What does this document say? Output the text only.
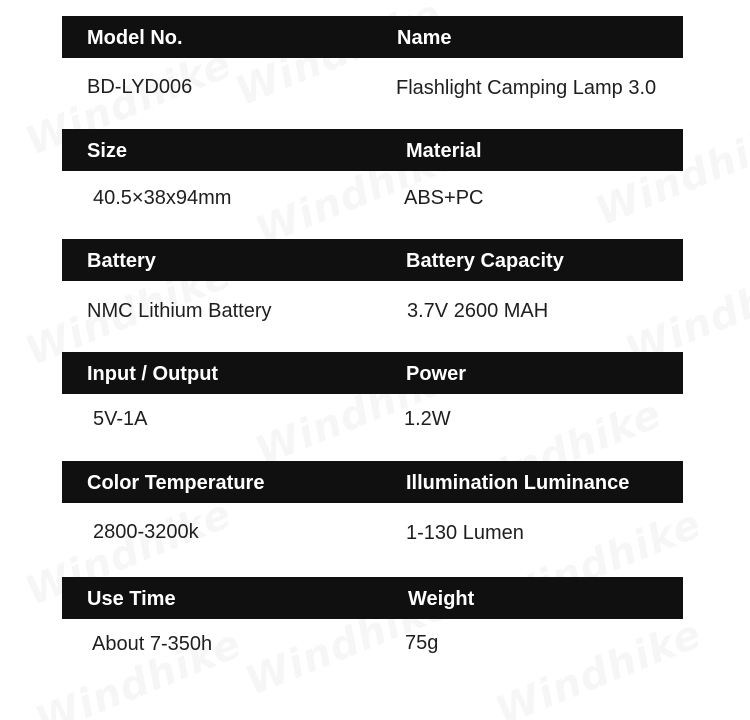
Model No.	Name
BD-LYD006	Flashlight Camping Lamp 3.0
Size	Material
40.5×38x94mm	ABS+PC
Battery	Battery Capacity
NMC Lithium Battery	3.7V 2600 MAH
Input / Output	Power
5V-1A	1.2W
Color Temperature	Illumination Luminance
2800-3200k	1-130 Lumen
Use Time	Weight
About 7-350h	75g
